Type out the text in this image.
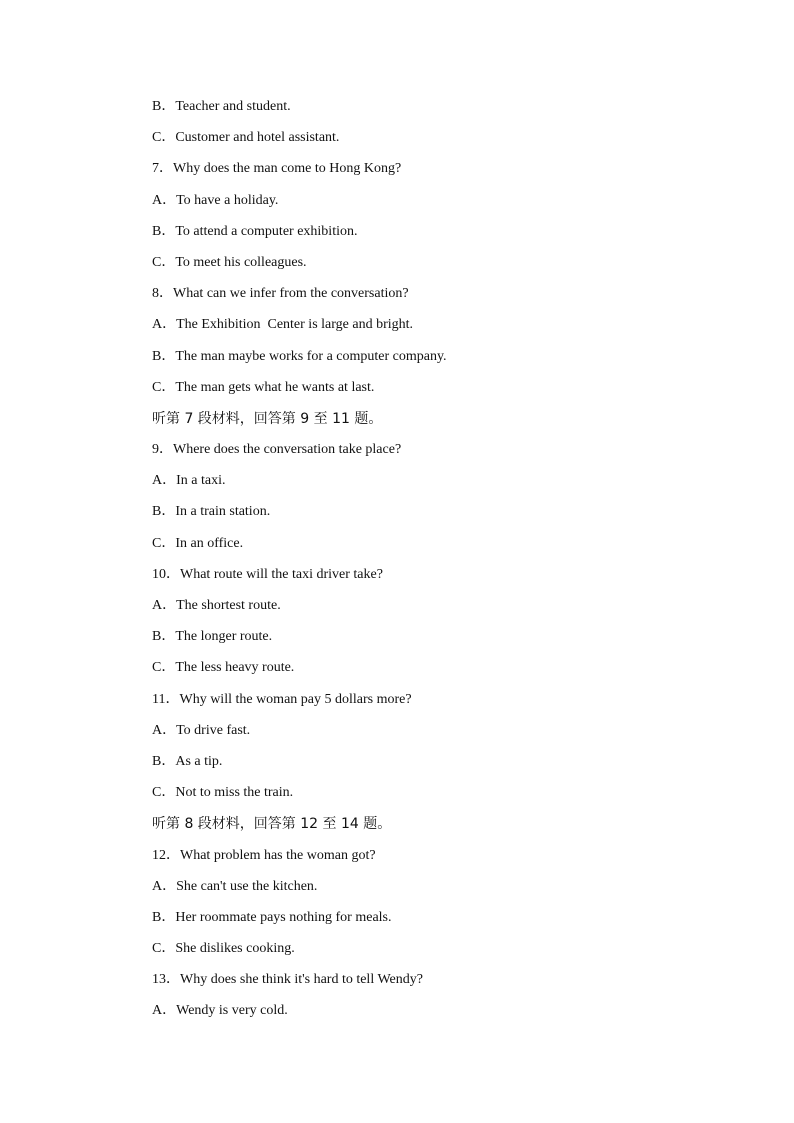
B．Teacher and student.
C．Customer and hotel assistant.
7．Why does the man come to Hong Kong?
A．To have a holiday.
B．To attend a computer exhibition.
C．To meet his colleagues.
8．What can we infer from the conversation?
A．The Exhibition  Center is large and bright.
B．The man maybe works for a computer company.
C．The man gets what he wants at last.
听第 7 段材料，回答第 9 至 11 题。
9．Where does the conversation take place?
A．In a taxi.
B．In a train station.
C．In an office.
10．What route will the taxi driver take?
A．The shortest route.
B．The longer route.
C．The less heavy route.
11．Why will the woman pay 5 dollars more?
A．To drive fast.
B．As a tip.
C．Not to miss the train.
听第 8 段材料，回答第 12 至 14 题。
12．What problem has the woman got?
A．She can't use the kitchen.
B．Her roommate pays nothing for meals.
C．She dislikes cooking.
13．Why does she think it's hard to tell Wendy?
A．Wendy is very cold.
